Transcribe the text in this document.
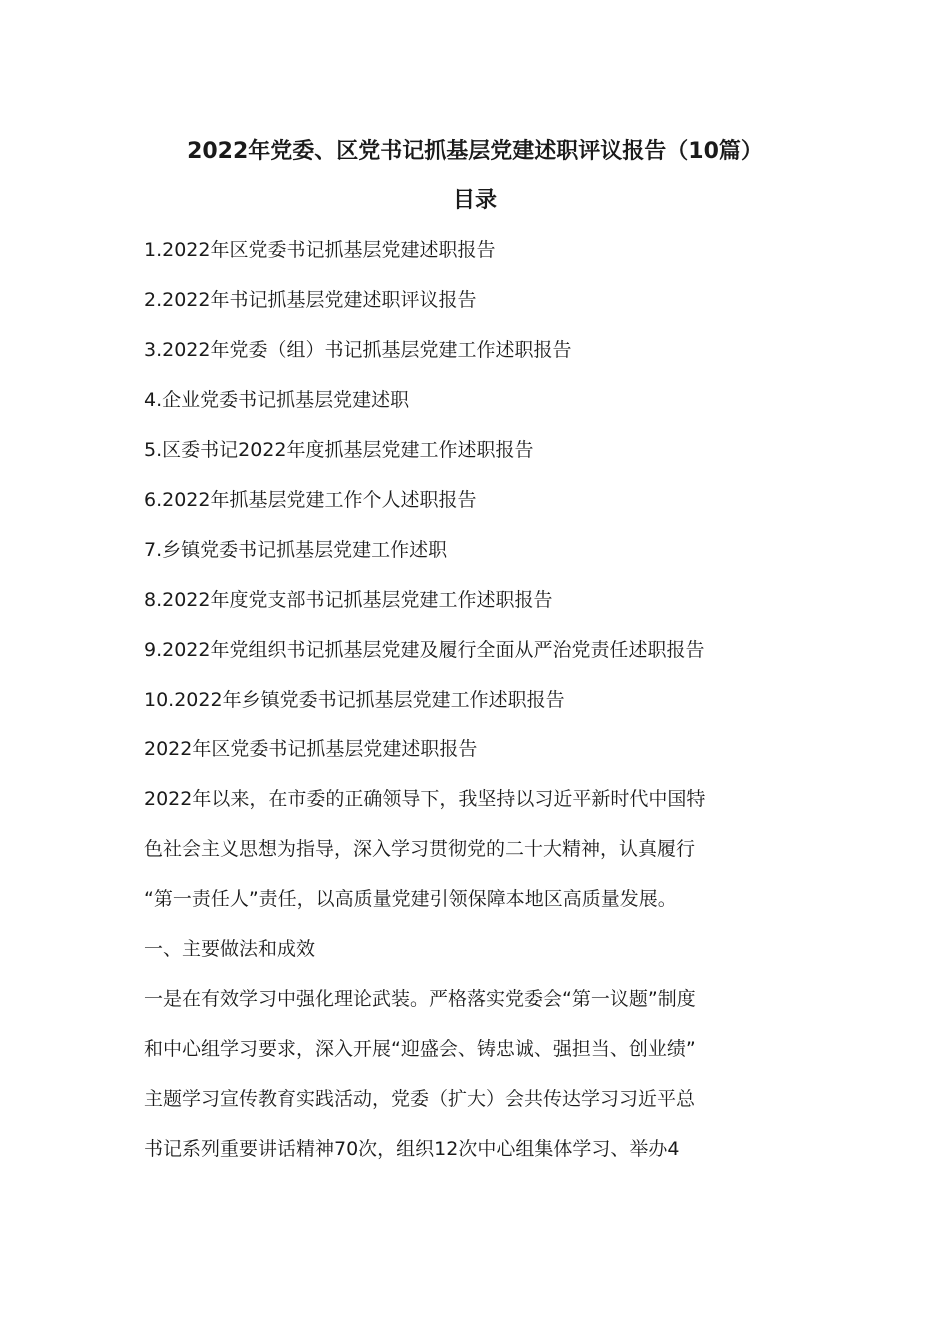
2022年党委、区党书记抓基层党建述职评议报告（10篇）
目录
1.2022年区党委书记抓基层党建述职报告
2.2022年书记抓基层党建述职评议报告
3.2022年党委（组）书记抓基层党建工作述职报告
4.企业党委书记抓基层党建述职
5.区委书记2022年度抓基层党建工作述职报告
6.2022年抓基层党建工作个人述职报告
7.乡镇党委书记抓基层党建工作述职
8.2022年度党支部书记抓基层党建工作述职报告
9.2022年党组织书记抓基层党建及履行全面从严治党责任述职报告
10.2022年乡镇党委书记抓基层党建工作述职报告
2022年区党委书记抓基层党建述职报告
2022年以来，在市委的正确领导下，我坚持以习近平新时代中国特
色社会主义思想为指导，深入学习贯彻党的二十大精神，认真履行
“第一责任人”责任，以高质量党建引领保障本地区高质量发展。
一、主要做法和成效
一是在有效学习中强化理论武装。严格落实党委会“第一议题”制度
和中心组学习要求，深入开展“迎盛会、铸忠诚、强担当、创业绩”
主题学习宣传教育实践活动，党委（扩大）会共传达学习习近平总
书记系列重要讲话精神70次，组织12次中心组集体学习、举办4
